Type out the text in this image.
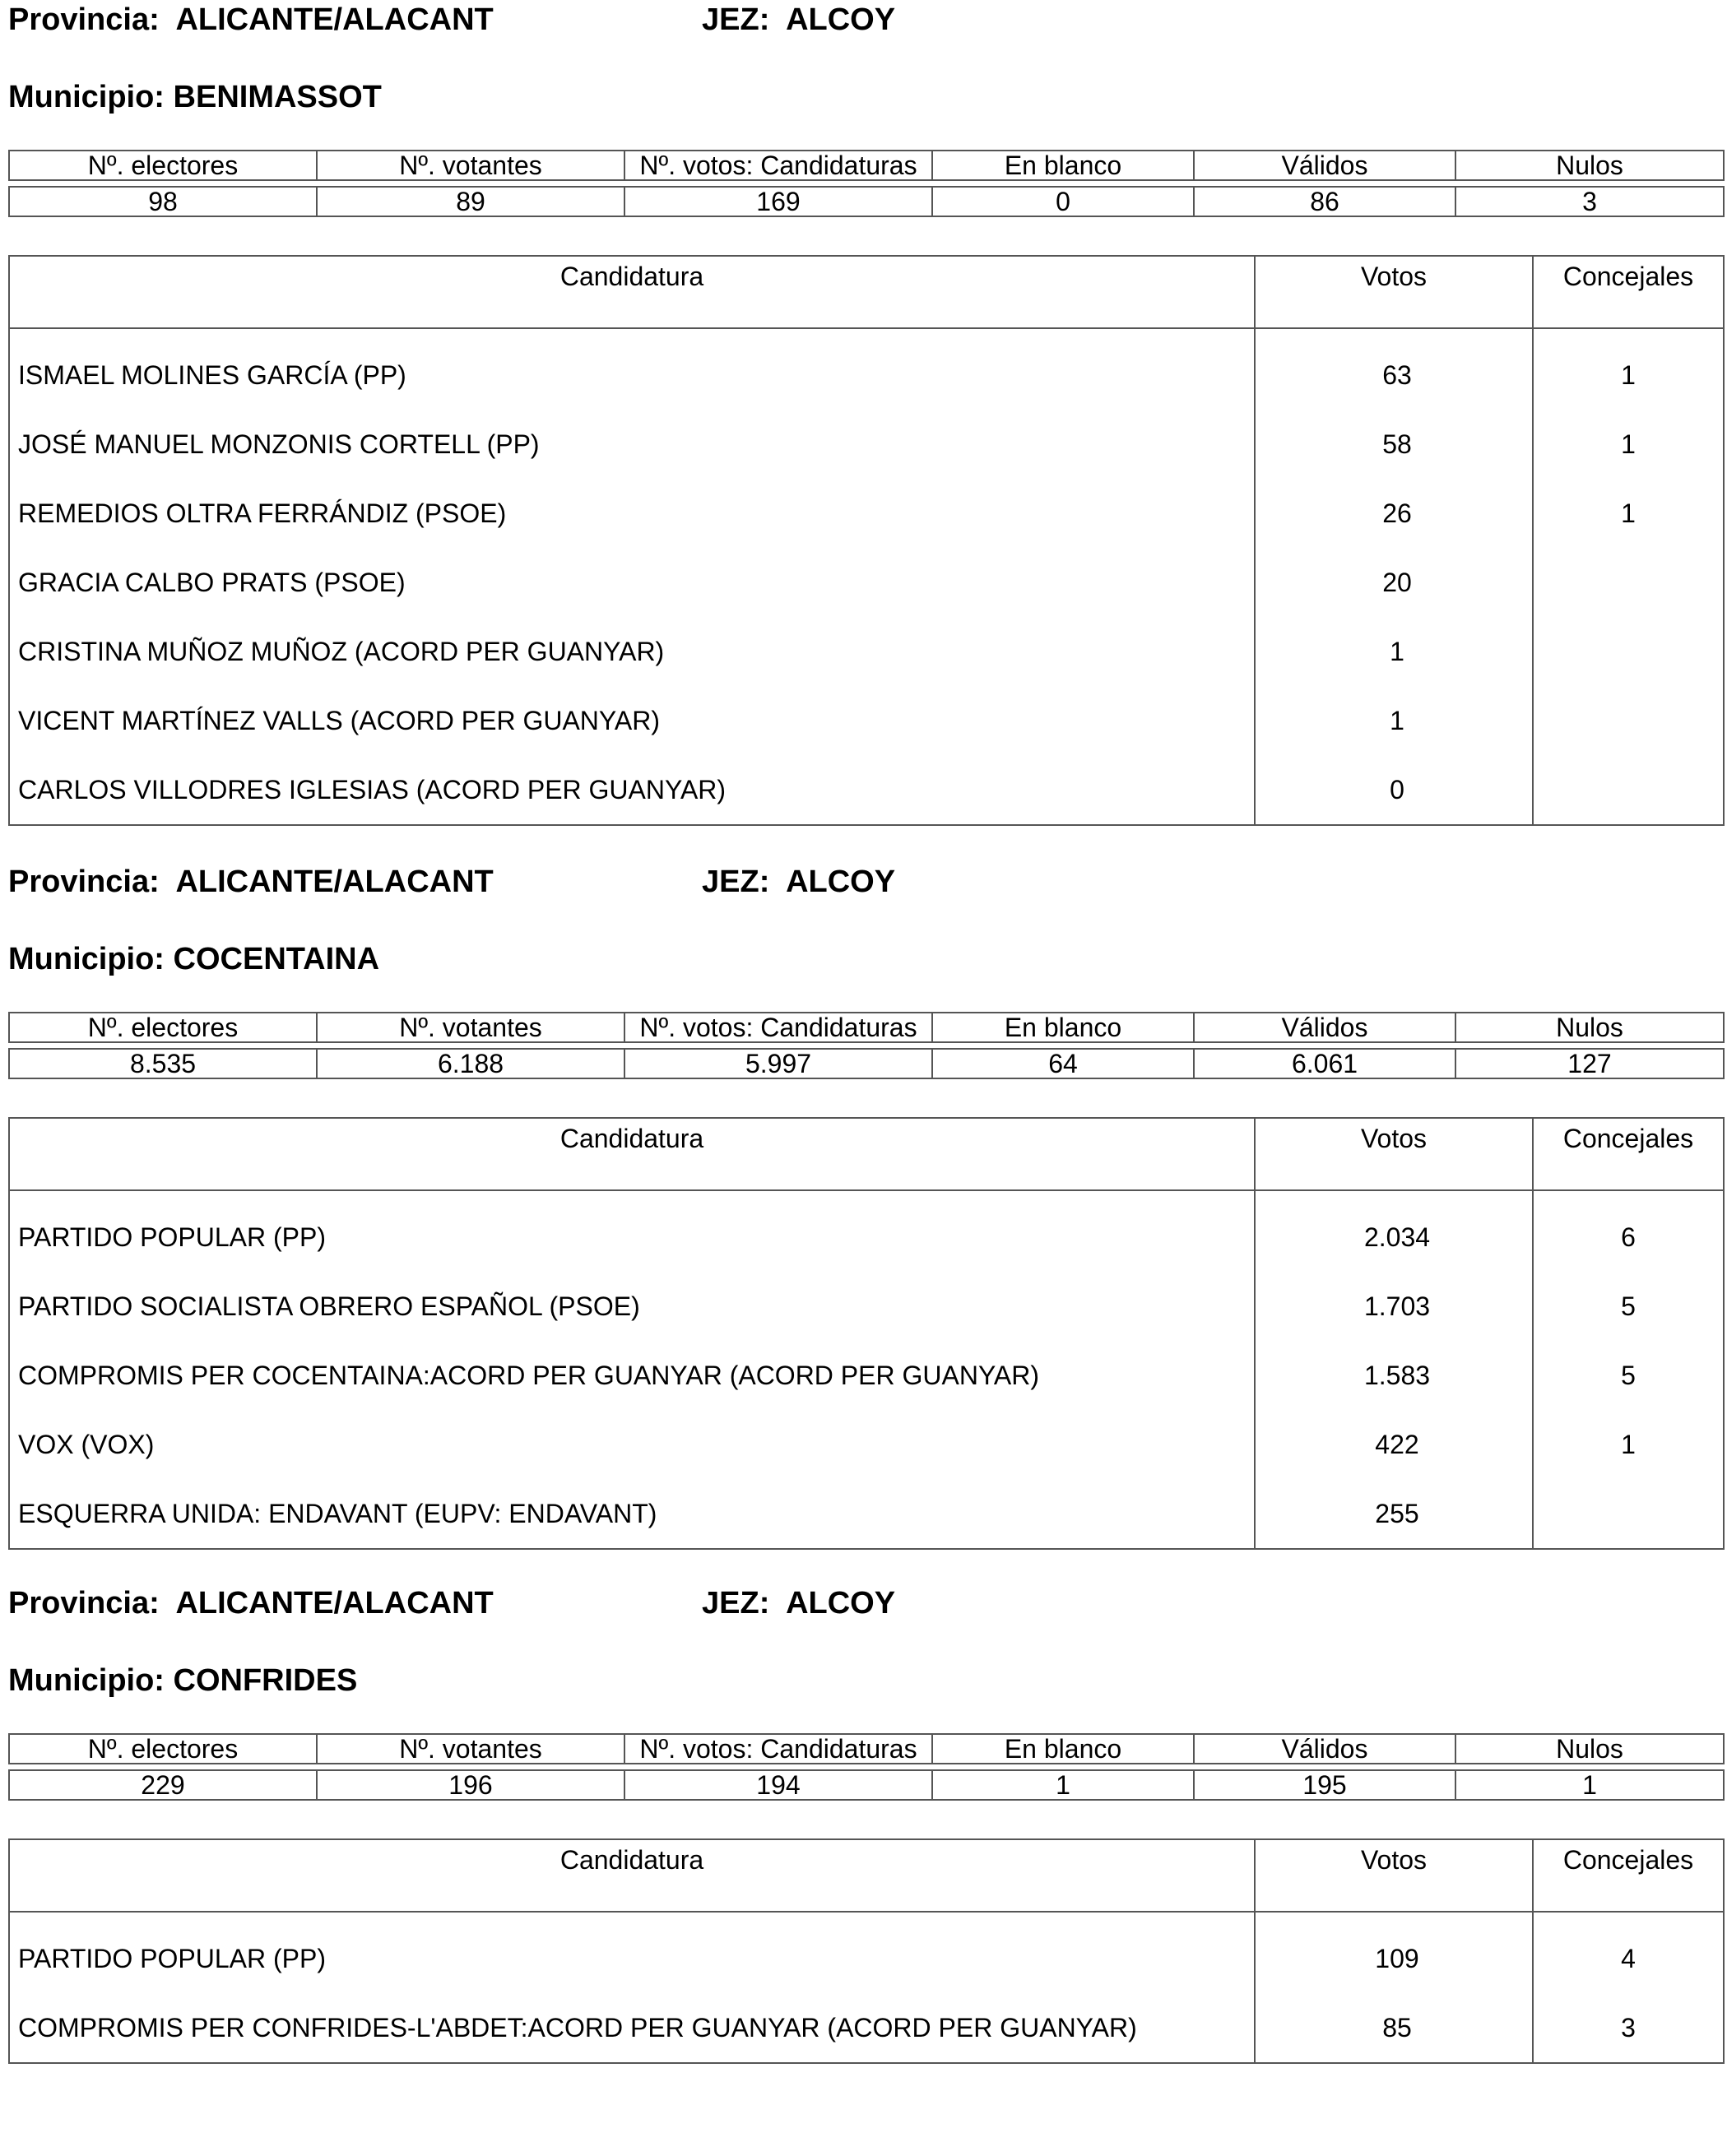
Provincia: ALICANTE/ALACANT	JEZ: ALCOY
Municipio: BENIMASSOT
Nº. electores	Nº. votantes	Nº. votos: Candidaturas	En blanco	Válidos	Nulos

98	89	169	0	86	3
Candidatura	Votos	Concejales
ISMAEL MOLINES GARCÍA (PP)	63	1
JOSÉ MANUEL MONZONIS CORTELL (PP)	58	1
REMEDIOS OLTRA FERRÁNDIZ (PSOE)	26	1
GRACIA CALBO PRATS (PSOE)	20	
CRISTINA MUÑOZ MUÑOZ (ACORD PER GUANYAR)	1	
VICENT MARTÍNEZ VALLS (ACORD PER GUANYAR)	1	
CARLOS VILLODRES IGLESIAS (ACORD PER GUANYAR)	0	
Provincia: ALICANTE/ALACANT	JEZ: ALCOY
Municipio: COCENTAINA
Nº. electores	Nº. votantes	Nº. votos: Candidaturas	En blanco	Válidos	Nulos

8.535	6.188	5.997	64	6.061	127
Candidatura	Votos	Concejales
PARTIDO POPULAR (PP)	2.034	6
PARTIDO SOCIALISTA OBRERO ESPAÑOL (PSOE)	1.703	5
COMPROMIS PER COCENTAINA:ACORD PER GUANYAR (ACORD PER GUANYAR)	1.583	5
VOX (VOX)	422	1
ESQUERRA UNIDA: ENDAVANT (EUPV: ENDAVANT)	255	
Provincia: ALICANTE/ALACANT	JEZ: ALCOY
Municipio: CONFRIDES
Nº. electores	Nº. votantes	Nº. votos: Candidaturas	En blanco	Válidos	Nulos

229	196	194	1	195	1
Candidatura	Votos	Concejales
PARTIDO POPULAR (PP)	109	4
COMPROMIS PER CONFRIDES-L'ABDET:ACORD PER GUANYAR (ACORD PER GUANYAR)	85	3
